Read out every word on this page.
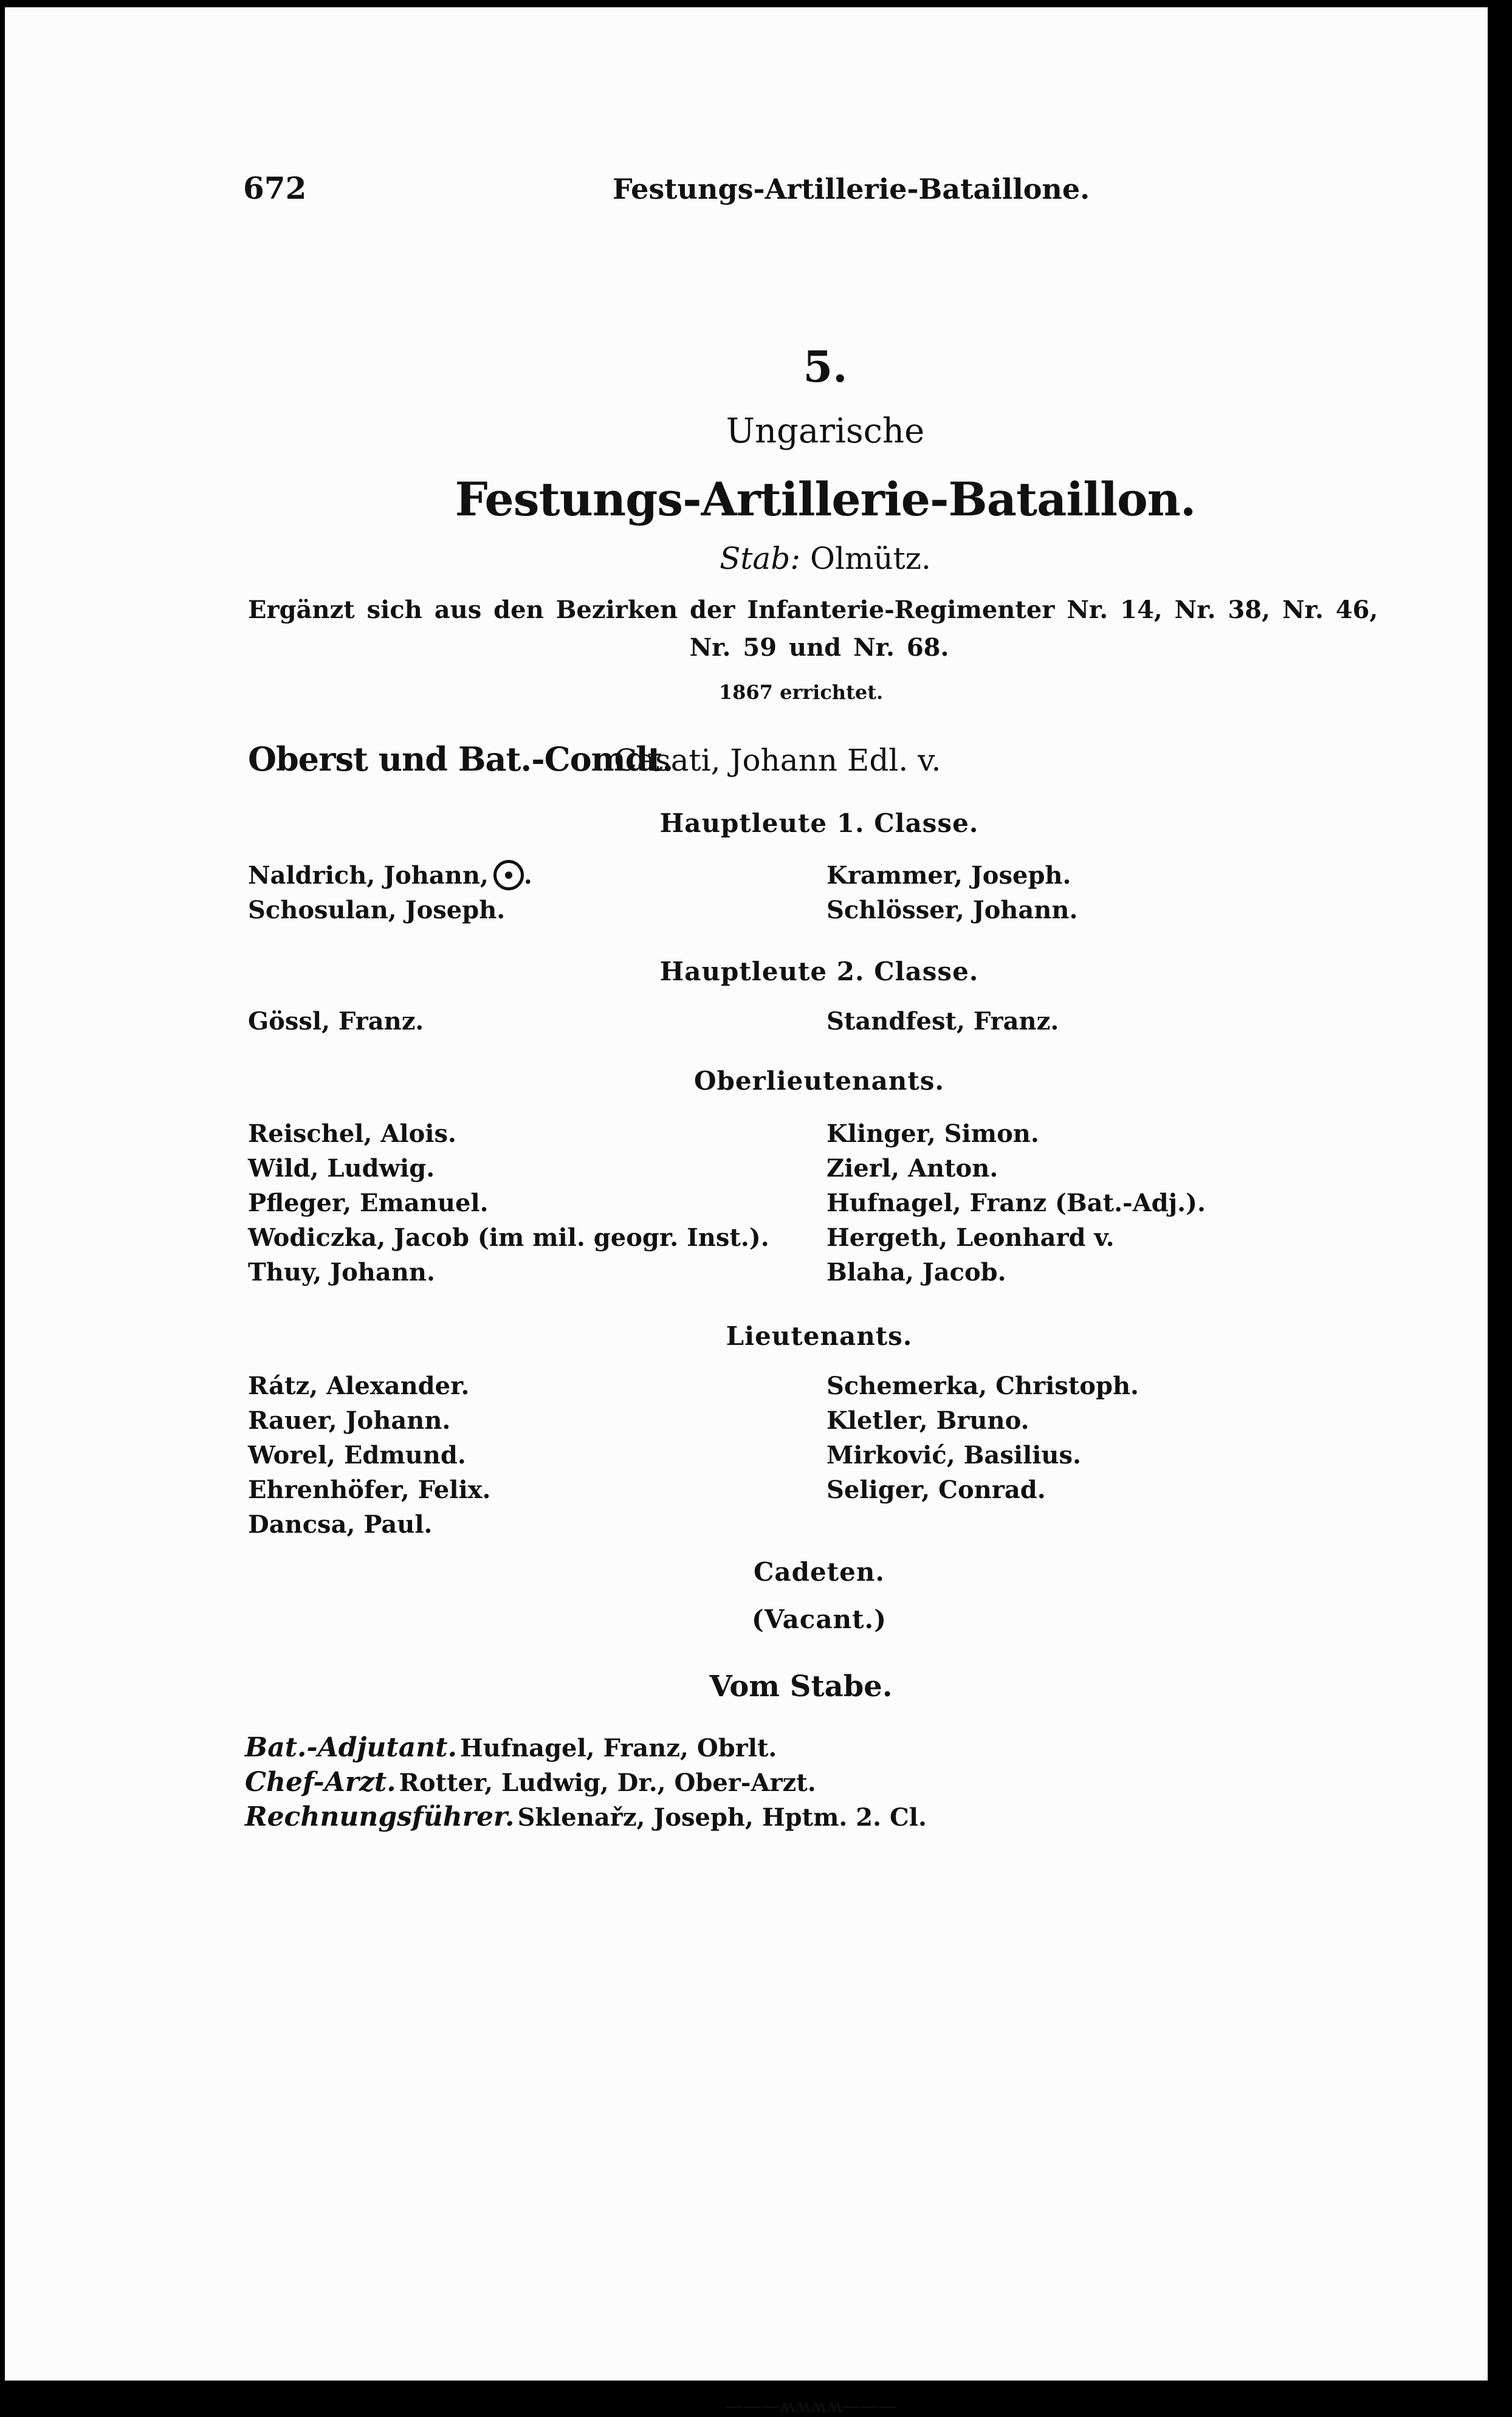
672	Festungs-Artillerie-Bataillone.
5.
Ungarische
Festungs-Artillerie-Bataillon.
Stab: Olmütz.
Ergänzt sich aus den Bezirken der Infanterie-Regimenter Nr. 14, Nr. 38, Nr. 46,
Nr. 59 und Nr. 68.
1867 errichtet.
Oberst und Bat.-Comdt.
Casati, Johann Edl. v.
Hauptleute 1. Classe.
Naldrich, Johann, .
Schosulan, Joseph.
Krammer, Joseph.
Schlösser, Johann.
Hauptleute 2. Classe.
Gössl, Franz.	Standfest, Franz.
Oberlieutenants.
Reischel, Alois.
Wild, Ludwig.
Pfleger, Emanuel.
Wodiczka, Jacob (im mil. geogr. Inst.).
Thuy, Johann.
Klinger, Simon.
Zierl, Anton.
Hufnagel, Franz (Bat.-Adj.).
Hergeth, Leonhard v.
Blaha, Jacob.
Lieutenants.
Rátz, Alexander.
Rauer, Johann.
Worel, Edmund.
Ehrenhöfer, Felix.
Dancsa, Paul.
Schemerka, Christoph.
Kletler, Bruno.
Mirković, Basilius.
Seliger, Conrad.
Cadeten.
(Vacant.)
Vom Stabe.
Bat.-Adjutant. Hufnagel, Franz, Obrlt.
Chef-Arzt. Rotter, Ludwig, Dr., Ober-Arzt.
Rechnungsführer. Sklenařz, Joseph, Hptm. 2. Cl.
———ʍʍʍʍ———
